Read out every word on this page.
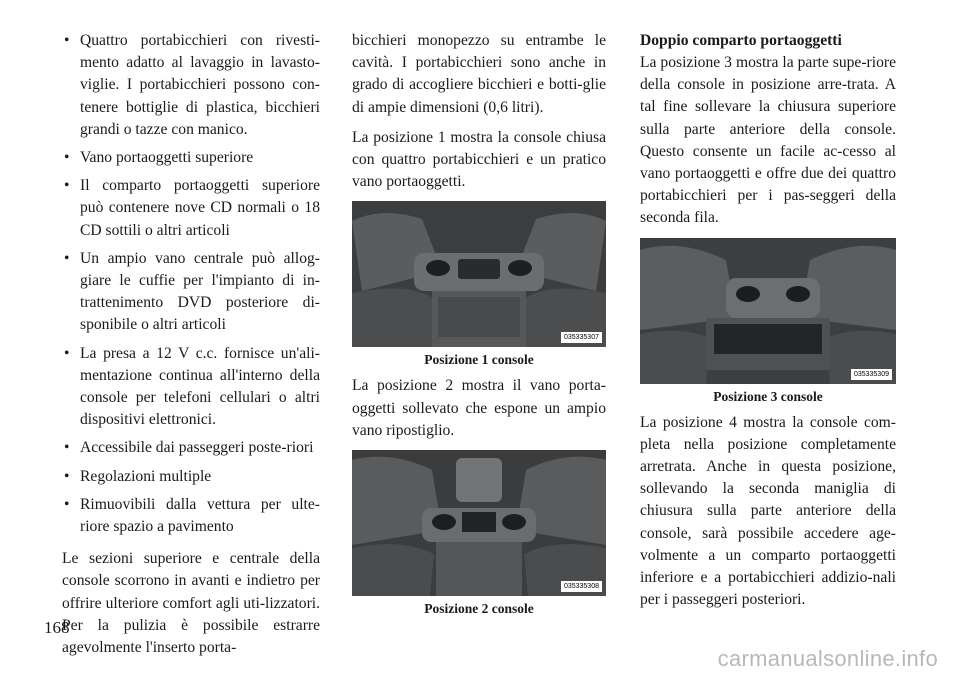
• Quattro portabicchieri con rivesti-mento adatto al lavaggio in lavasto-viglie. I portabicchieri possono con-tenere bottiglie di plastica, bicchieri grandi o tazze con manico.
• Vano portaoggetti superiore
• Il comparto portaoggetti superiore può contenere nove CD normali o 18 CD sottili o altri articoli
• Un ampio vano centrale può allog-giare le cuffie per l'impianto di in-trattenimento DVD posteriore di-sponibile o altri articoli
• La presa a 12 V c.c. fornisce un'ali-mentazione continua all'interno della console per telefoni cellulari o altri dispositivi elettronici.
• Accessibile dai passeggeri poste-riori
• Regolazioni multiple
• Rimuovibili dalla vettura per ulte-riore spazio a pavimento

Le sezioni superiore e centrale della console scorrono in avanti e indietro per offrire ulteriore comfort agli uti-lizzatori. Per la pulizia è possibile estrarre agevolmente l'inserto porta-

bicchieri monopezzo su entrambe le cavità. I portabicchieri sono anche in grado di accogliere bicchieri e botti-glie di ampie dimensioni (0,6 litri).

La posizione 1 mostra la console chiusa con quattro portabicchieri e un pratico vano portaoggetti.

035335307
Posizione 1 console

La posizione 2 mostra il vano porta-oggetti sollevato che espone un ampio vano ripostiglio.

035335308
Posizione 2 console
Doppio comparto portaoggetti

La posizione 3 mostra la parte supe-riore della console in posizione arre-trata. A tal fine sollevare la chiusura superiore sulla parte anteriore della console. Questo consente un facile ac-cesso al vano portaoggetti e offre due dei quattro portabicchieri per i pas-seggeri della seconda fila.

035335309
Posizione 3 console

La posizione 4 mostra la console com-pleta nella posizione completamente arretrata. Anche in questa posizione, sollevando la seconda maniglia di chiusura sulla parte anteriore della console, sarà possibile accedere age-volmente a un comparto portaoggetti inferiore e a portabicchieri addizio-nali per i passeggeri posteriori.

168
carmanualsonline.info
